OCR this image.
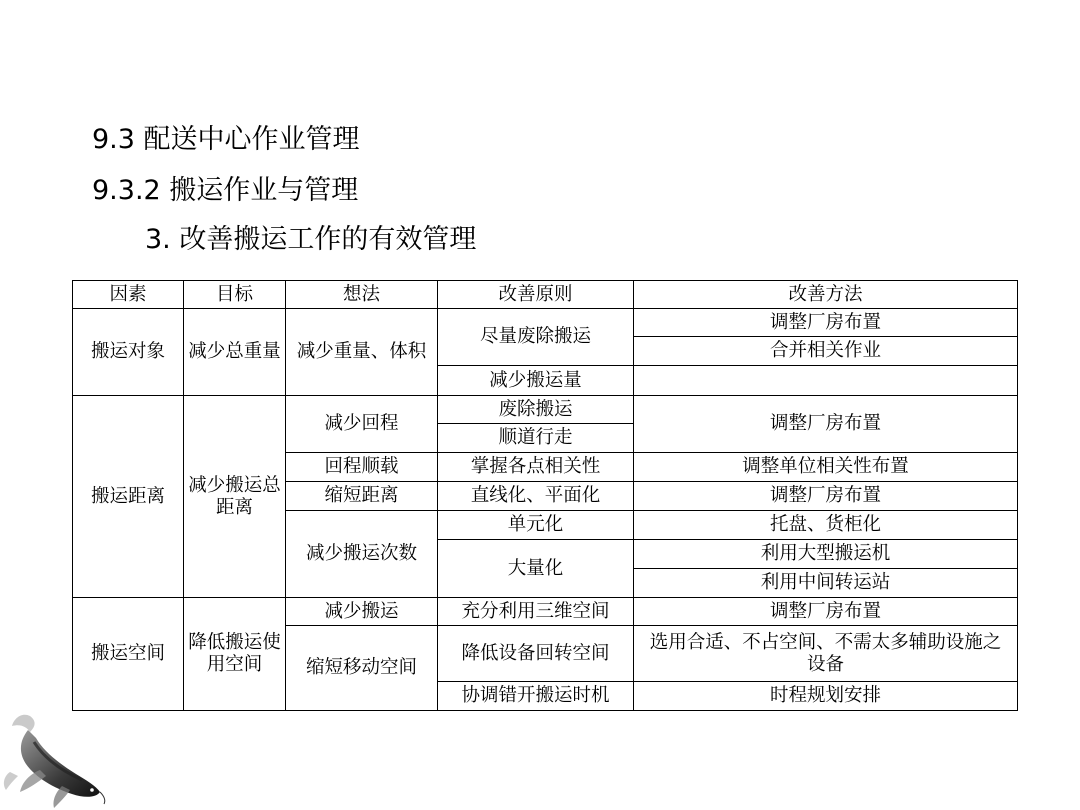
9.3 配送中心作业管理
9.3.2 搬运作业与管理
3. 改善搬运工作的有效管理
因素	目标	想法	改善原则	改善方法
搬运对象	减少总重量	减少重量、体积	尽量废除搬运	调整厂房布置
				合并相关作业
			减少搬运量	
搬运距离	减少搬运总距离	减少回程	废除搬运	调整厂房布置
			顺道行走	
		回程顺载	掌握各点相关性	调整单位相关性布置
		缩短距离	直线化、平面化	调整厂房布置
		减少搬运次数	单元化	托盘、货柜化
			大量化	利用大型搬运机
				利用中间转运站
搬运空间	降低搬运使用空间	减少搬运	充分利用三维空间	调整厂房布置
		缩短移动空间	降低设备回转空间	选用合适、不占空间、不需太多辅助设施之设备
			协调错开搬运时机	时程规划安排
